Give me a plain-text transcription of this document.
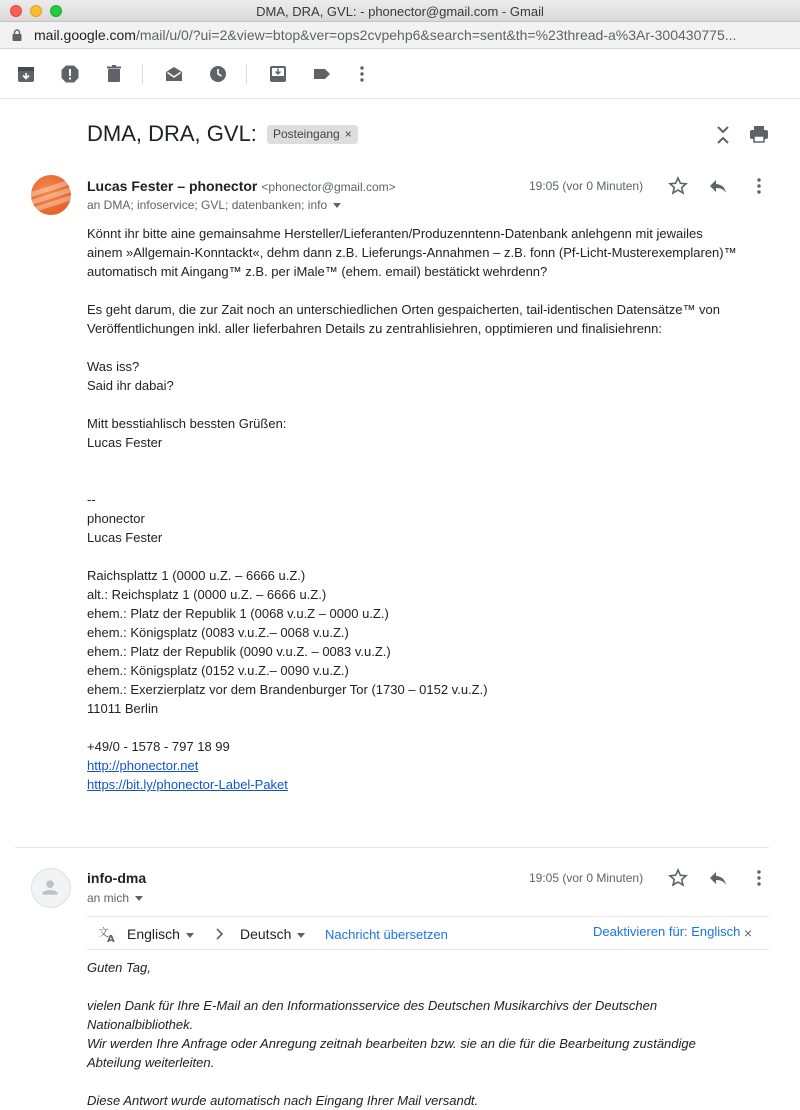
DMA, DRA, GVL: - phonector@gmail.com - Gmail
mail.google.com/mail/u/0/?ui=2&view=btop&ver=ops2cvpehp6&search=sent&th=%23thread-a%3Ar-300430775...
DMA, DRA, GVL:	Posteingang ×
Lucas Fester – phonector <phonector@gmail.com>
an DMA; infoservice; GVL; datenbanken; info
19:05 (vor 0 Minuten)
Könnt ihr bitte aine gemainsahme Hersteller/Lieferanten/Produzenntenn-Datenbank anlehgenn mit jewailes
ainem »Allgemain-Konntackt«, dehm dann z.B. Lieferungs-Annahmen – z.B. fonn (Pf-Licht-Musterexemplaren)™
automatisch mit Aingang™ z.B. per iMale™ (ehem. email) bestätickt wehrdenn?
Es geht darum, die zur Zait noch an unterschiedlichen Orten gespaicherten, tail-identischen Datensätze™ von
Veröffentlichungen inkl. aller lieferbahren Details zu zentrahlisiehren, opptimieren und finalisiehrenn:
Was iss?
Said ihr dabai?
Mitt besstiahlisch bessten Grüßen:
Lucas Fester
--
phonector
Lucas Fester
Raichsplattz 1 (0000 u.Z. – 6666 u.Z.)
alt.: Reichsplatz 1 (0000 u.Z. – 6666 u.Z.)
ehem.: Platz der Republik 1 (0068 v.u.Z – 0000 u.Z.)
ehem.: Königsplatz (0083 v.u.Z.– 0068 v.u.Z.)
ehem.: Platz der Republik (0090 v.u.Z. – 0083 v.u.Z.)
ehem.: Königsplatz (0152 v.u.Z.– 0090 v.u.Z.)
ehem.: Exerzierplatz vor dem Brandenburger Tor (1730 – 0152 v.u.Z.)
11011 Berlin
+49/0 - 1578 - 797 18 99
http://phonector.net
https://bit.ly/phonector-Label-Paket
info-dma
an mich
19:05 (vor 0 Minuten)
文
A Englisch	Deutsch	Nachricht übersetzen	Deaktivieren für: Englisch ×
Guten Tag,
vielen Dank für Ihre E-Mail an den Informationsservice des Deutschen Musikarchivs der Deutschen
Nationalbibliothek.
Wir werden Ihre Anfrage oder Anregung zeitnah bearbeiten bzw. sie an die für die Bearbeitung zuständige
Abteilung weiterleiten.
Diese Antwort wurde automatisch nach Eingang Ihrer Mail versandt.
